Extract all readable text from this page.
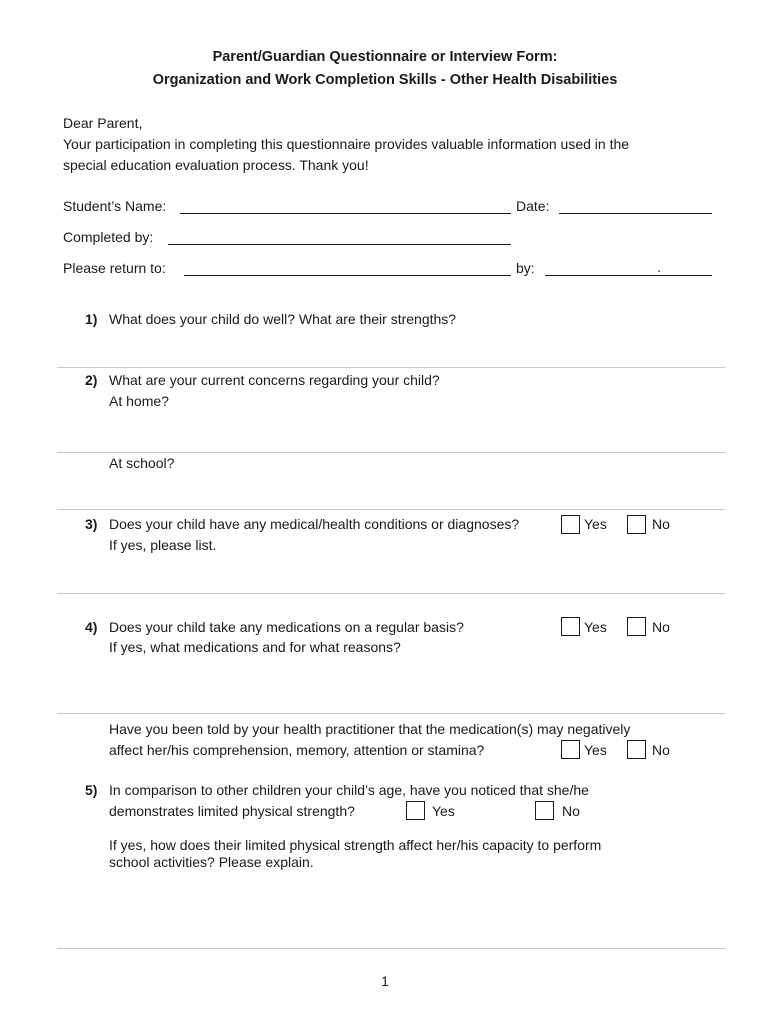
Parent/Guardian Questionnaire or Interview Form:
Organization and Work Completion Skills - Other Health Disabilities
Dear Parent,
Your participation in completing this questionnaire provides valuable information used in the
special education evaluation process. Thank you!
Student’s Name:	Date:
Completed by:
Please return to:	by:	.
1) What does your child do well? What are their strengths?
2) What are your current concerns regarding your child?
At home?
At school?
3) Does your child have any medical/health conditions or diagnoses?	Yes	No
If yes, please list.
4) Does your child take any medications on a regular basis?	Yes	No
If yes, what medications and for what reasons?
Have you been told by your health practitioner that the medication(s) may negatively
affect her/his comprehension, memory, attention or stamina?	Yes	No
5) In comparison to other children your child’s age, have you noticed that she/he
demonstrates limited physical strength?	Yes	No
If yes, how does their limited physical strength affect her/his capacity to perform
school activities? Please explain.
1
